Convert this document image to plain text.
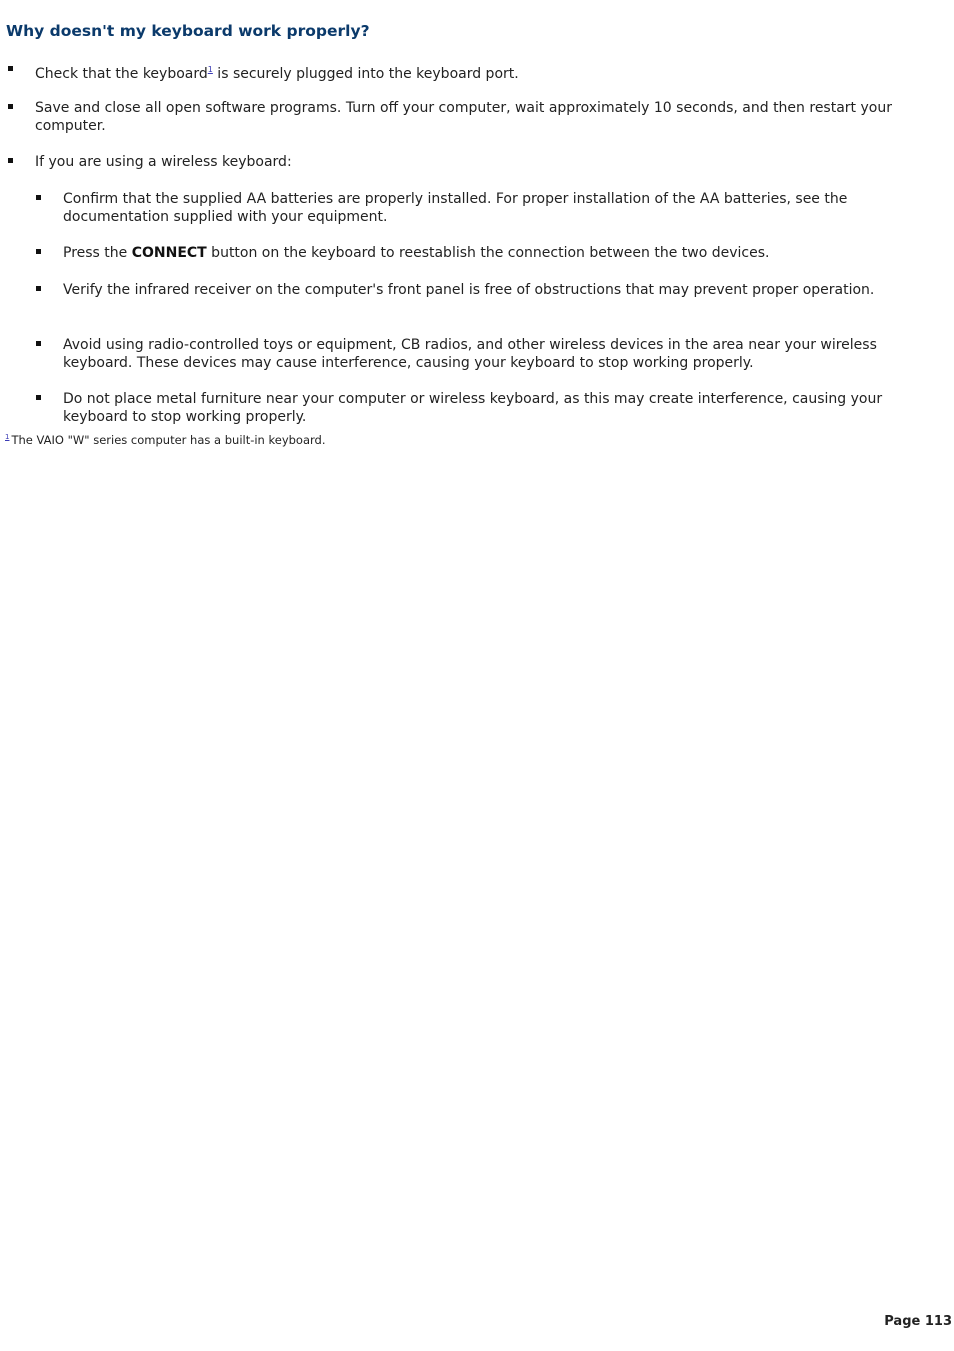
Why doesn't my keyboard work properly?
Check that the keyboard$^1$ is securely plugged into the keyboard port.
Save and close all open software programs. Turn off your computer, wait approximately 10 seconds, and then restart your computer.
If you are using a wireless keyboard:
Confirm that the supplied AA batteries are properly installed. For proper installation of the AA batteries, see the documentation supplied with your equipment.
Press the CONNECT button on the keyboard to reestablish the connection between the two devices.
Verify the infrared receiver on the computer's front panel is free of obstructions that may prevent proper operation.
Avoid using radio-controlled toys or equipment, CB radios, and other wireless devices in the area near your wireless keyboard. These devices may cause interference, causing your keyboard to stop working properly.
Do not place metal furniture near your computer or wireless keyboard, as this may create interference, causing your keyboard to stop working properly.
$^1$ The VAIO "W" series computer has a built-in keyboard.
Page 113
